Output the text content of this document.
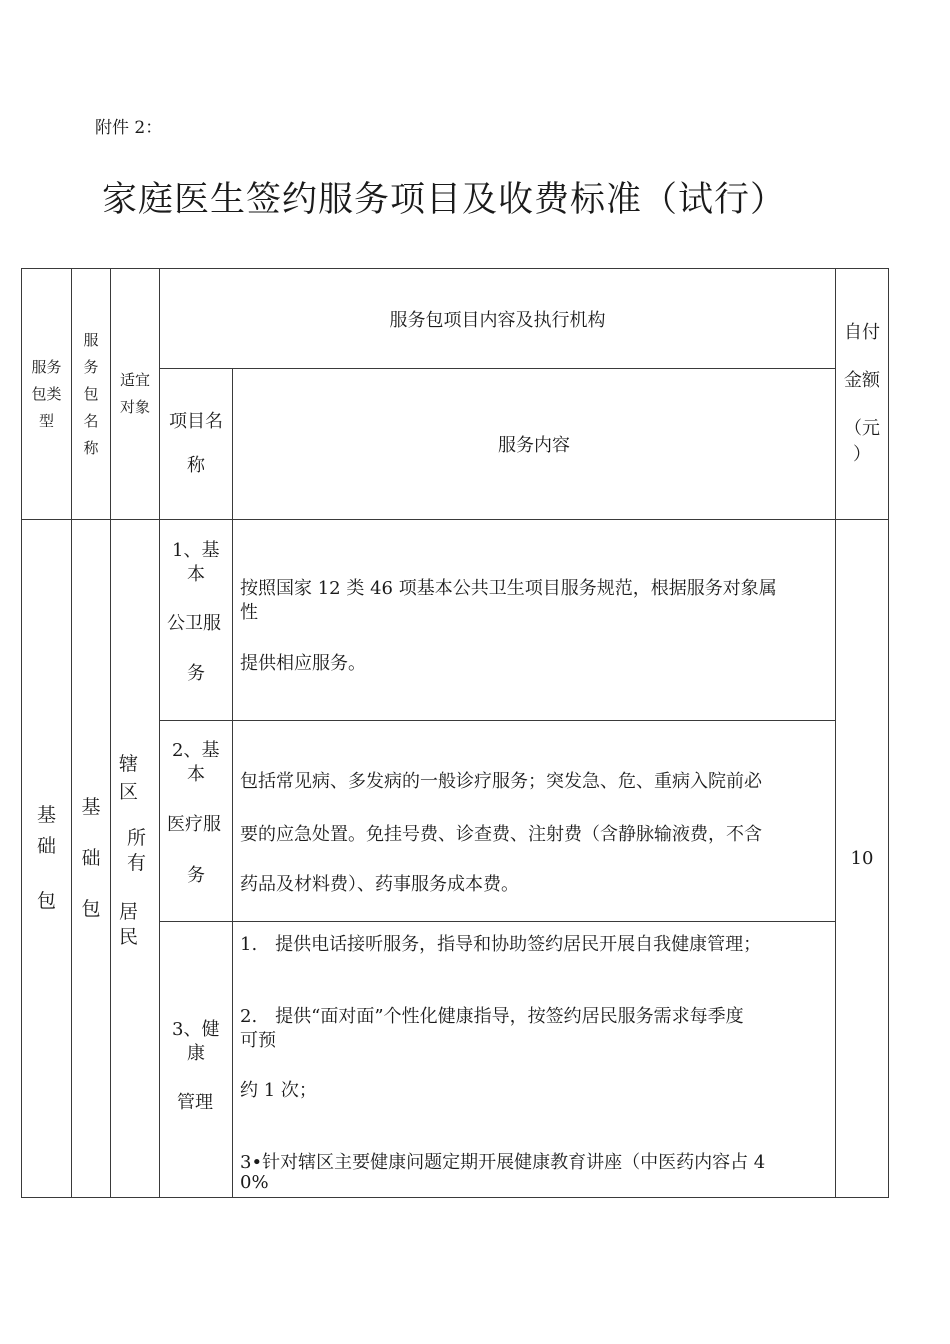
附件 2：
家庭医生签约服务项目及收费标准（试行）
服务
包类
型
服
务
包
名
称
适宜
对象
服务包项目内容及执行机构
项目名
称
服务内容
自付
金额
（元
）
基
础
包
基
础
包
辖
区
所
有
居
民
10
1、基
本
公卫服
务
按照国家 12 类 46 项基本公共卫生项目服务规范，根据服务对象属
性
提供相应服务。
2、基
本
医疗服
务
包括常见病、多发病的一般诊疗服务；突发急、危、重病入院前必
要的应急处置。免挂号费、诊查费、注射费（含静脉输液费，不含
药品及材料费）、药事服务成本费。
3、健
康
管理
1.　提供电话接听服务，指导和协助签约居民开展自我健康管理；
2.　提供“面对面”个性化健康指导，按签约居民服务需求每季度
可预
约 1 次；
3•针对辖区主要健康问题定期开展健康教育讲座（中医药内容占 4
0%
